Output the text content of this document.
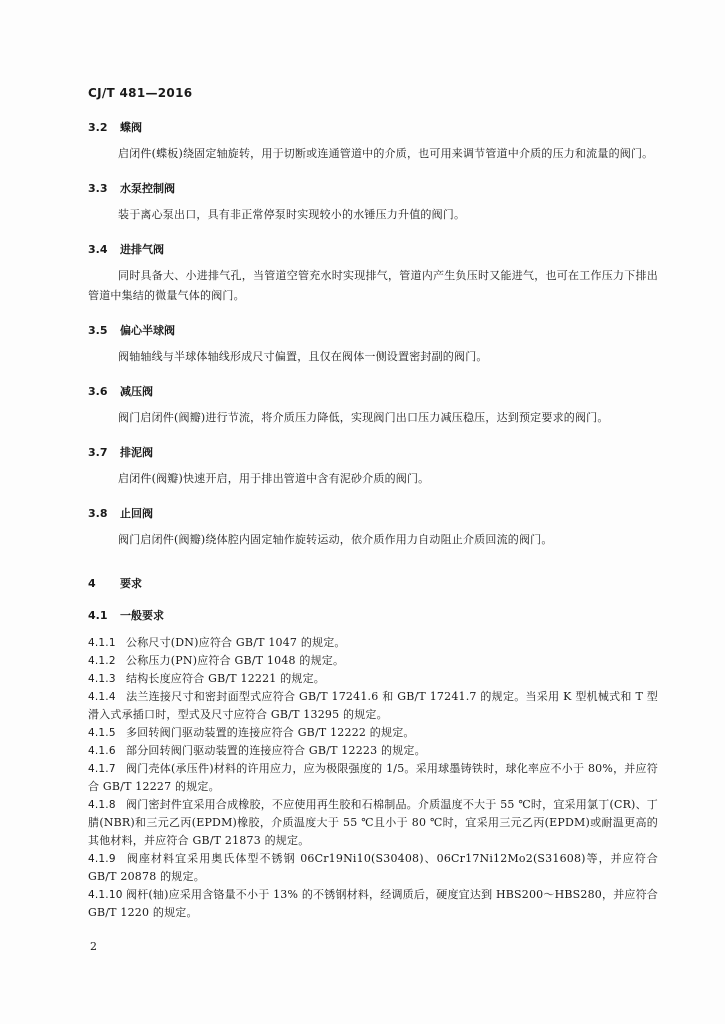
CJ/T 481—2016
3.2 蝶阀
启闭件(蝶板)绕固定轴旋转，用于切断或连通管道中的介质，也可用来调节管道中介质的压力和流量的阀门。
3.3 水泵控制阀
装于离心泵出口，具有非正常停泵时实现较小的水锤压力升值的阀门。
3.4 进排气阀
同时具备大、小进排气孔，当管道空管充水时实现排气，管道内产生负压时又能进气，也可在工作压力下排出管道中集结的微量气体的阀门。
3.5 偏心半球阀
阀轴轴线与半球体轴线形成尺寸偏置，且仅在阀体一侧设置密封副的阀门。
3.6 减压阀
阀门启闭件(阀瓣)进行节流，将介质压力降低，实现阀门出口压力减压稳压，达到预定要求的阀门。
3.7 排泥阀
启闭件(阀瓣)快速开启，用于排出管道中含有泥砂介质的阀门。
3.8 止回阀
阀门启闭件(阀瓣)绕体腔内固定轴作旋转运动，依介质作用力自动阻止介质回流的阀门。
4 要求
4.1 一般要求
4.1.1 公称尺寸(DN)应符合 GB/T 1047 的规定。
4.1.2 公称压力(PN)应符合 GB/T 1048 的规定。
4.1.3 结构长度应符合 GB/T 12221 的规定。
4.1.4 法兰连接尺寸和密封面型式应符合 GB/T 17241.6 和 GB/T 17241.7 的规定。当采用 K 型机械式和 T 型滑入式承插口时，型式及尺寸应符合 GB/T 13295 的规定。
4.1.5 多回转阀门驱动装置的连接应符合 GB/T 12222 的规定。
4.1.6 部分回转阀门驱动装置的连接应符合 GB/T 12223 的规定。
4.1.7 阀门壳体(承压件)材料的许用应力，应为极限强度的 1/5。采用球墨铸铁时，球化率应不小于 80%，并应符合 GB/T 12227 的规定。
4.1.8 阀门密封件宜采用合成橡胶，不应使用再生胶和石棉制品。介质温度不大于 55 ℃时，宜采用氯丁(CR)、丁腈(NBR)和三元乙丙(EPDM)橡胶，介质温度大于 55 ℃且小于 80 ℃时，宜采用三元乙丙(EPDM)或耐温更高的其他材料，并应符合 GB/T 21873 的规定。
4.1.9 阀座材料宜采用奥氏体型不锈钢 06Cr19Ni10(S30408)、06Cr17Ni12Mo2(S31608)等，并应符合 GB/T 20878 的规定。
4.1.10 阀杆(轴)应采用含铬量不小于 13% 的不锈钢材料，经调质后，硬度宜达到 HBS200～HBS280，并应符合 GB/T 1220 的规定。
2
